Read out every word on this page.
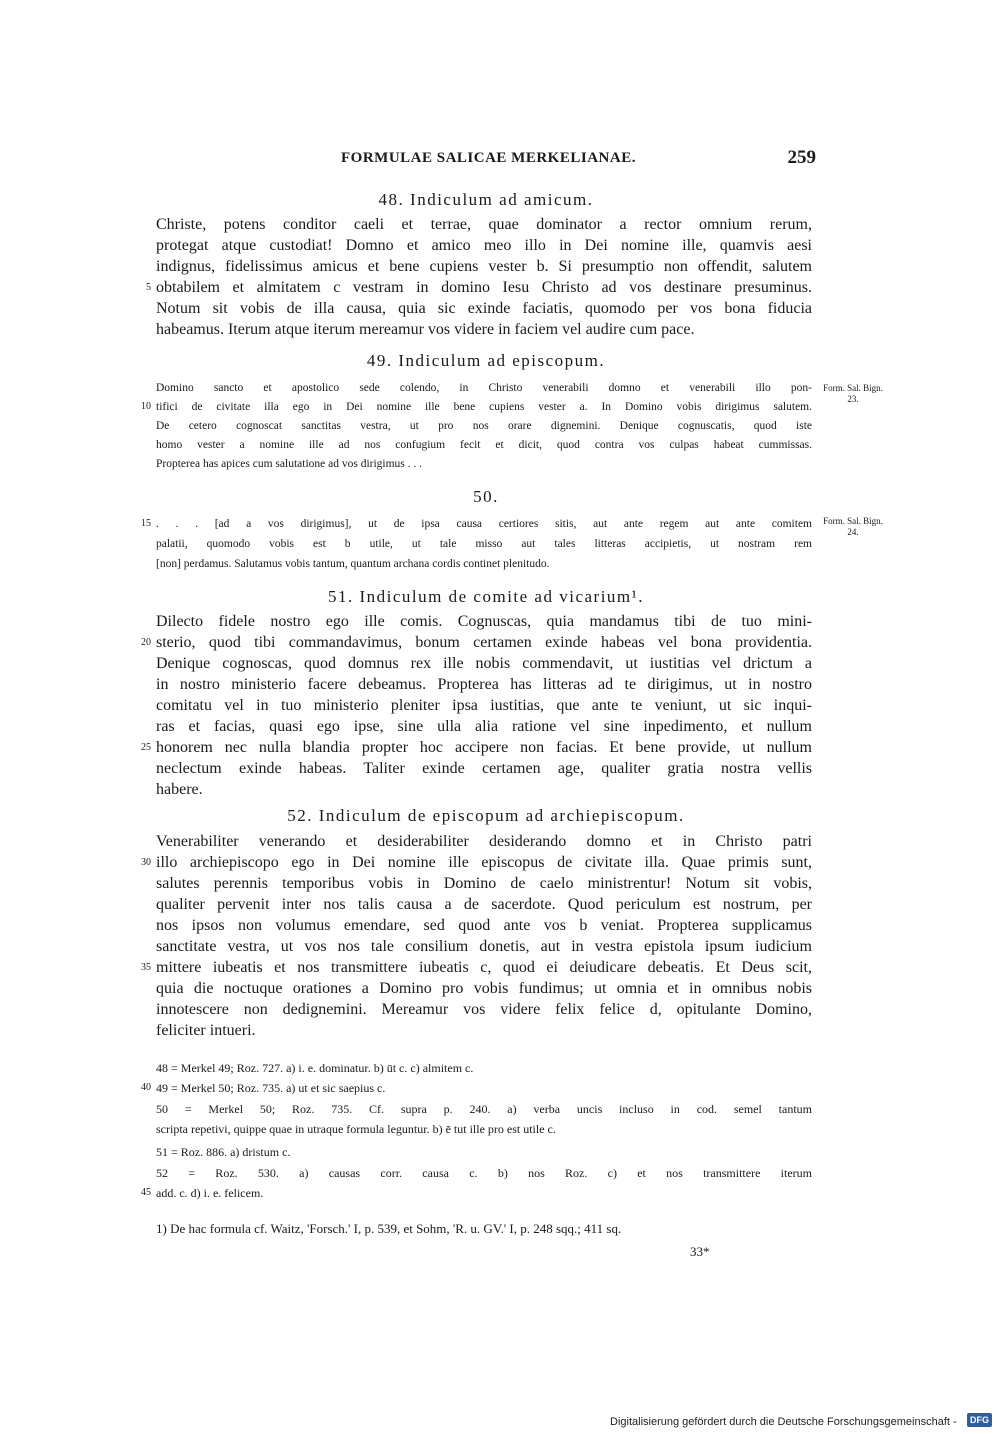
FORMULAE SALICAE MERKELIANAE.	259
48. Indiculum ad amicum.
Christe, potens conditor caeli et terrae, quae dominator a rector omnium rerum,
protegat atque custodiat! Domno et amico meo illo in Dei nomine ille, quamvis aesi
indignus, fidelissimus amicus et bene cupiens vester b. Si presumptio non offendit, salutem
obtabilem et almitatem c vestram in domino Iesu Christo ad vos destinare presuminus.
Notum sit vobis de illa causa, quia sic exinde faciatis, quomodo per vos bona fiducia
habeamus. Iterum atque iterum mereamur vos videre in faciem vel audire cum pace.
49. Indiculum ad episcopum.
Domino sancto et apostolico sede colendo, in Christo venerabili domno et venerabili illo pon-
tifici de civitate illa ego in Dei nomine ille bene cupiens vester a. In Domino vobis dirigimus salutem.
De cetero cognoscat sanctitas vestra, ut pro nos orare dignemini. Denique cognuscatis, quod iste
homo vester a nomine ille ad nos confugium fecit et dicit, quod contra vos culpas habeat cummissas.
Propterea has apices cum salutatione ad vos dirigimus . . .
50.
. . . [ad a vos dirigimus], ut de ipsa causa certiores sitis, aut ante regem aut ante comitem
palatii, quomodo vobis est b utile, ut tale misso aut tales litteras accipietis, ut nostram rem
[non] perdamus. Salutamus vobis tantum, quantum archana cordis continet plenitudo.
51. Indiculum de comite ad vicarium¹.
Dilecto fidele nostro ego ille comis. Cognuscas, quia mandamus tibi de tuo mini-
sterio, quod tibi commandavimus, bonum certamen exinde habeas vel bona providentia.
Denique cognoscas, quod domnus rex ille nobis commendavit, ut iustitias vel drictum a
in nostro ministerio facere debeamus. Propterea has litteras ad te dirigimus, ut in nostro
comitatu vel in tuo ministerio pleniter ipsa iustitias, que ante te veniunt, ut sic inqui-
ras et facias, quasi ego ipse, sine ulla alia ratione vel sine inpedimento, et nullum
honorem nec nulla blandia propter hoc accipere non facias. Et bene provide, ut nullum
neclectum exinde habeas. Taliter exinde certamen age, qualiter gratia nostra vellis
habere.
52. Indiculum de episcopum ad archiepiscopum.
Venerabiliter venerando et desiderabiliter desiderando domno et in Christo patri
illo archiepiscopo ego in Dei nomine ille episcopus de civitate illa. Quae primis sunt,
salutes perennis temporibus vobis in Domino de caelo ministrentur! Notum sit vobis,
qualiter pervenit inter nos talis causa a de sacerdote. Quod periculum est nostrum, per
nos ipsos non volumus emendare, sed quod ante vos b veniat. Propterea supplicamus
sanctitate vestra, ut vos nos tale consilium donetis, aut in vestra epistola ipsum iudicium
mittere iubeatis et nos transmittere iubeatis c, quod ei deiudicare debeatis. Et Deus scit,
quia die noctuque orationes a Domino pro vobis fundimus; ut omnia et in omnibus nobis
innotescere non dedignemini. Mereamur vos videre felix felice d, opitulante Domino,
feliciter intueri.
48 = Merkel 49; Roz. 727. a) i. e. dominatur. b) ūt c. c) almitem c.
49 = Merkel 50; Roz. 735. a) ut et sic saepius c.
50 = Merkel 50; Roz. 735. Cf. supra p. 240. a) verba uncis incluso in cod. semel tantum
scripta repetivi, quippe quae in utraque formula leguntur. b) ē tut ille pro est utile c.
51 = Roz. 886. a) dristum c.
52 = Roz. 530. a) causas corr. causa c. b) nos Roz. c) et nos transmittere iterum
add. c. d) i. e. felicem.
1) De hac formula cf. Waitz, 'Forsch.' I, p. 539, et Sohm, 'R. u. GV.' I, p. 248 sqq.; 411 sq.
5
10
15
20
25
30
35
40
45
Form. Sal. Bign. 23.
Form. Sal. Bign. 24.
33*
Digitalisierung gefördert durch die Deutsche Forschungsgemeinschaft -	DFG
